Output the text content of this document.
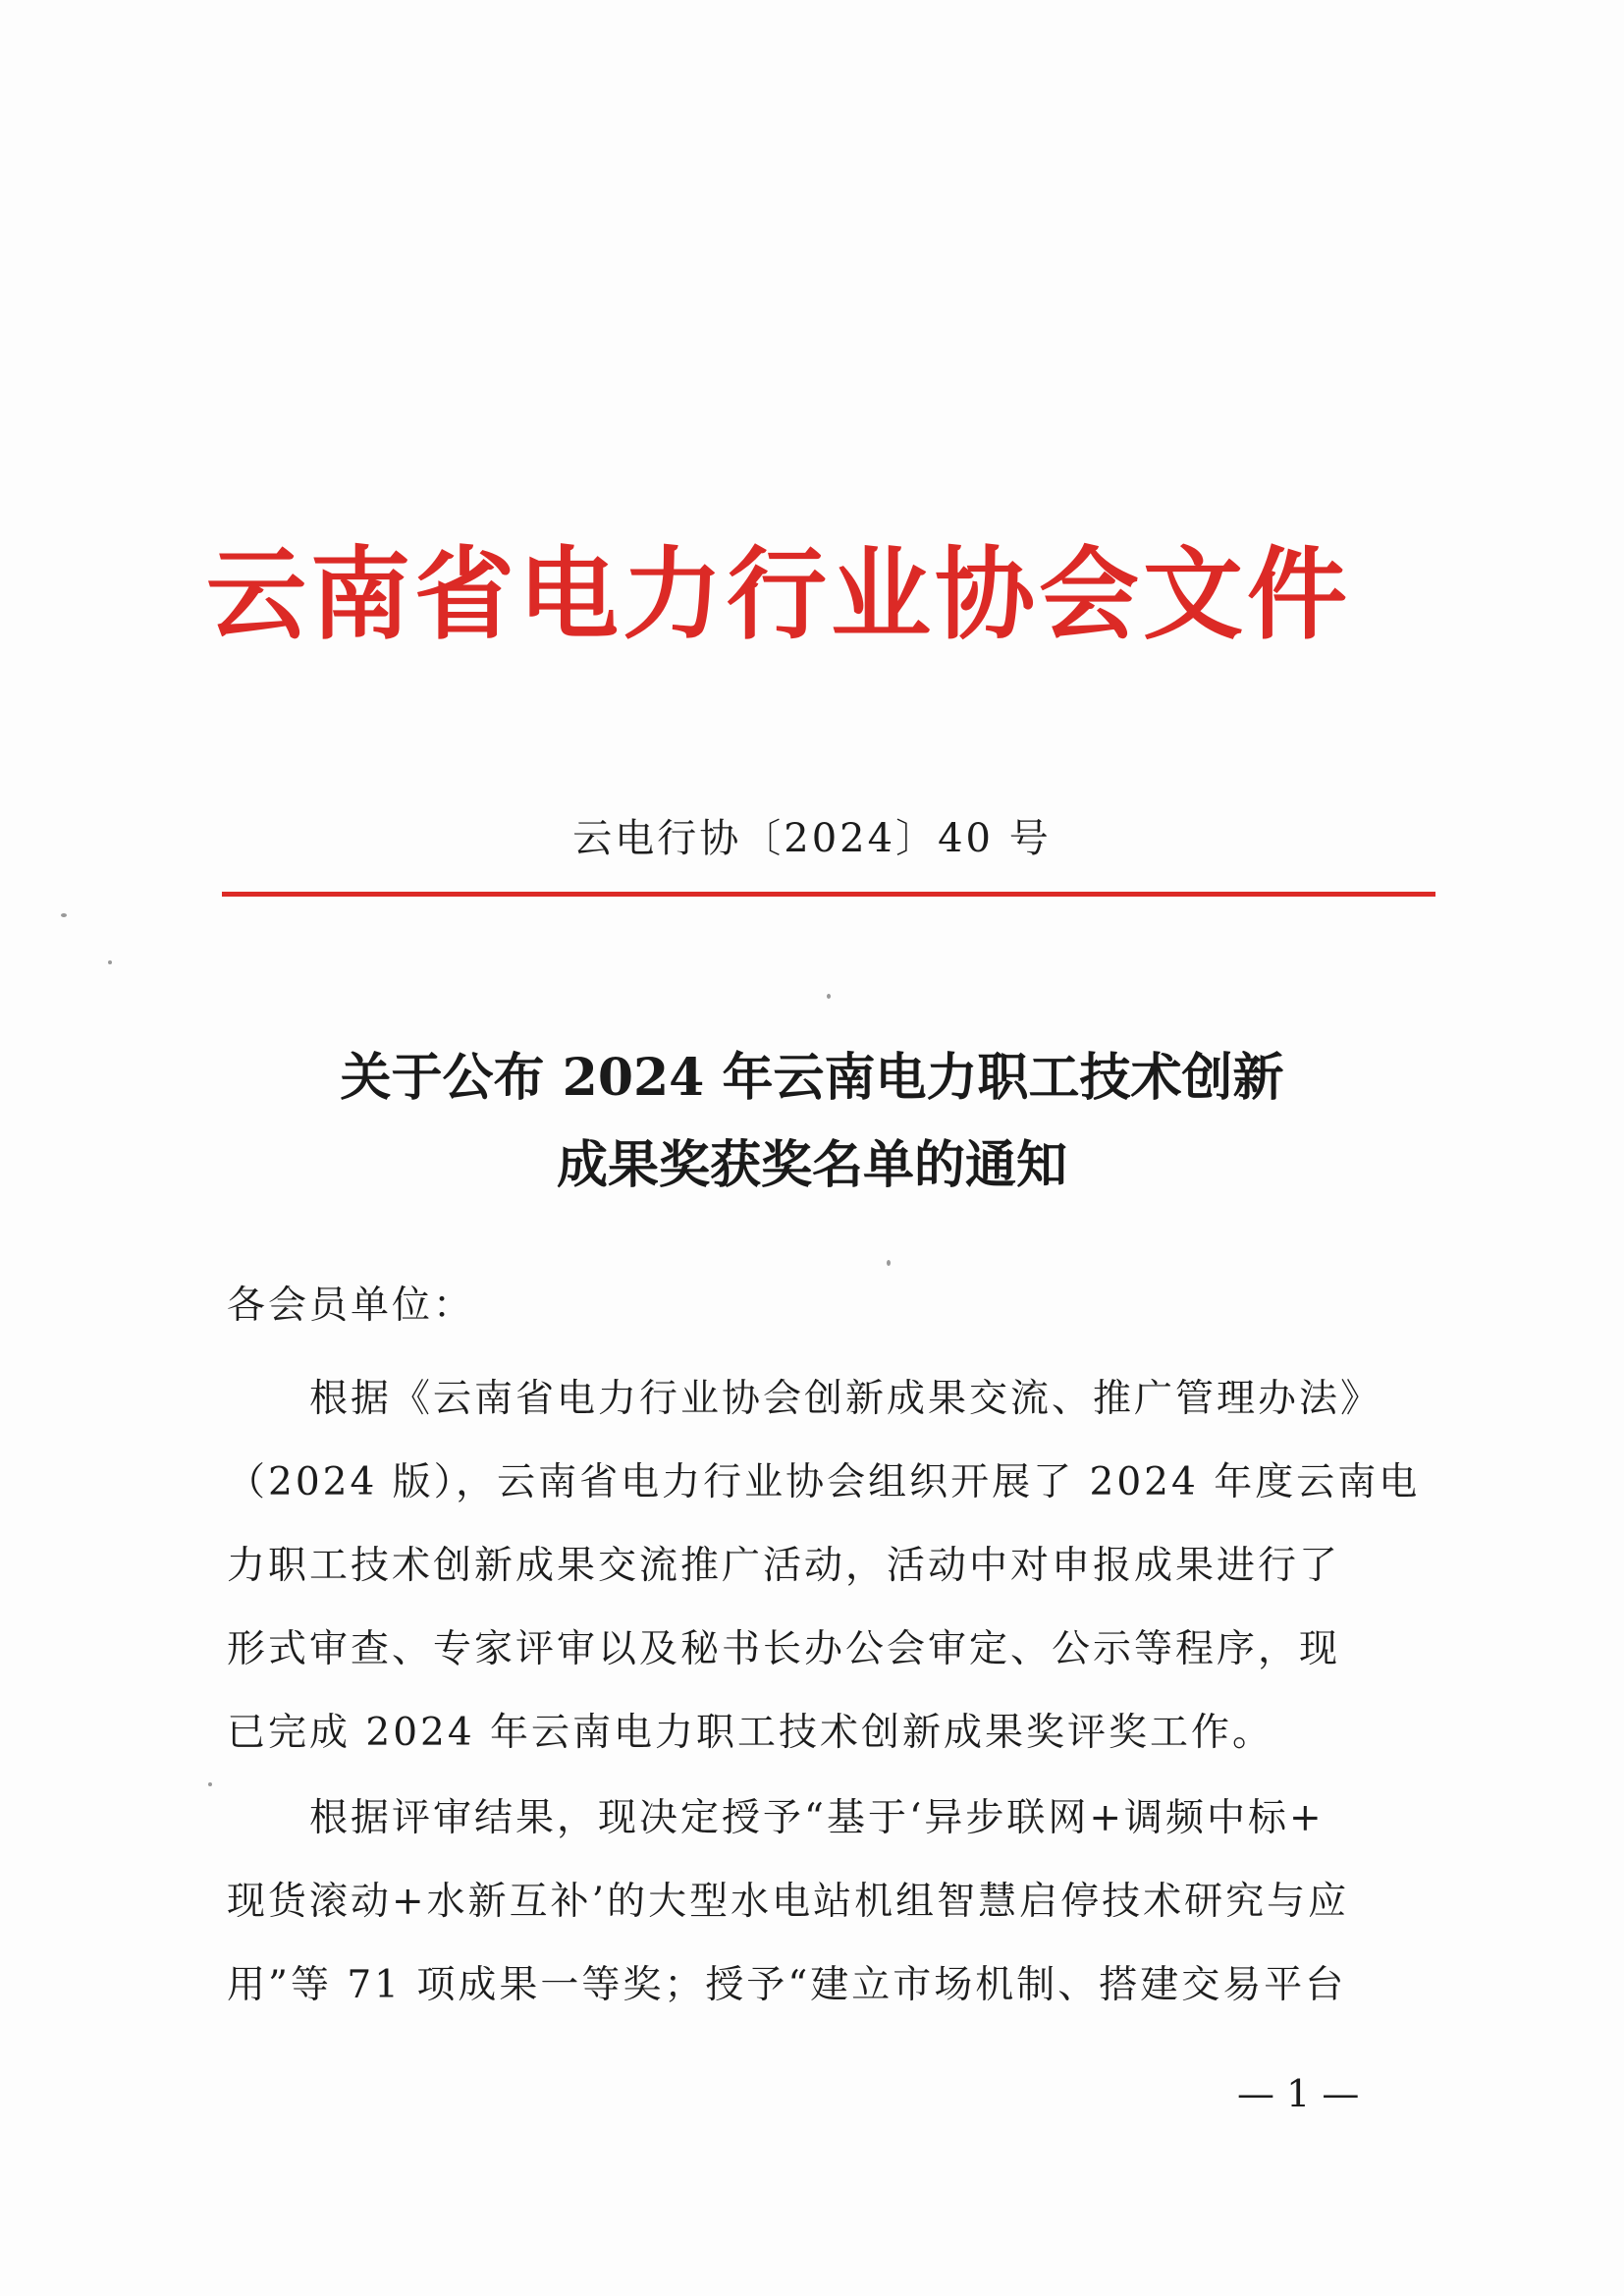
云南省电力行业协会文件
云电行协〔2024〕40 号
关于公布 2024 年云南电力职工技术创新
成果奖获奖名单的通知
各会员单位：
　　根据《云南省电力行业协会创新成果交流、推广管理办法》
（2024 版），云南省电力行业协会组织开展了 2024 年度云南电
力职工技术创新成果交流推广活动，活动中对申报成果进行了
形式审查、专家评审以及秘书长办公会审定、公示等程序，现
已完成 2024 年云南电力职工技术创新成果奖评奖工作。
　　根据评审结果，现决定授予“基于‘异步联网+调频中标+
现货滚动+水新互补’的大型水电站机组智慧启停技术研究与应
用”等 71 项成果一等奖；授予“建立市场机制、搭建交易平台
— 1 —
